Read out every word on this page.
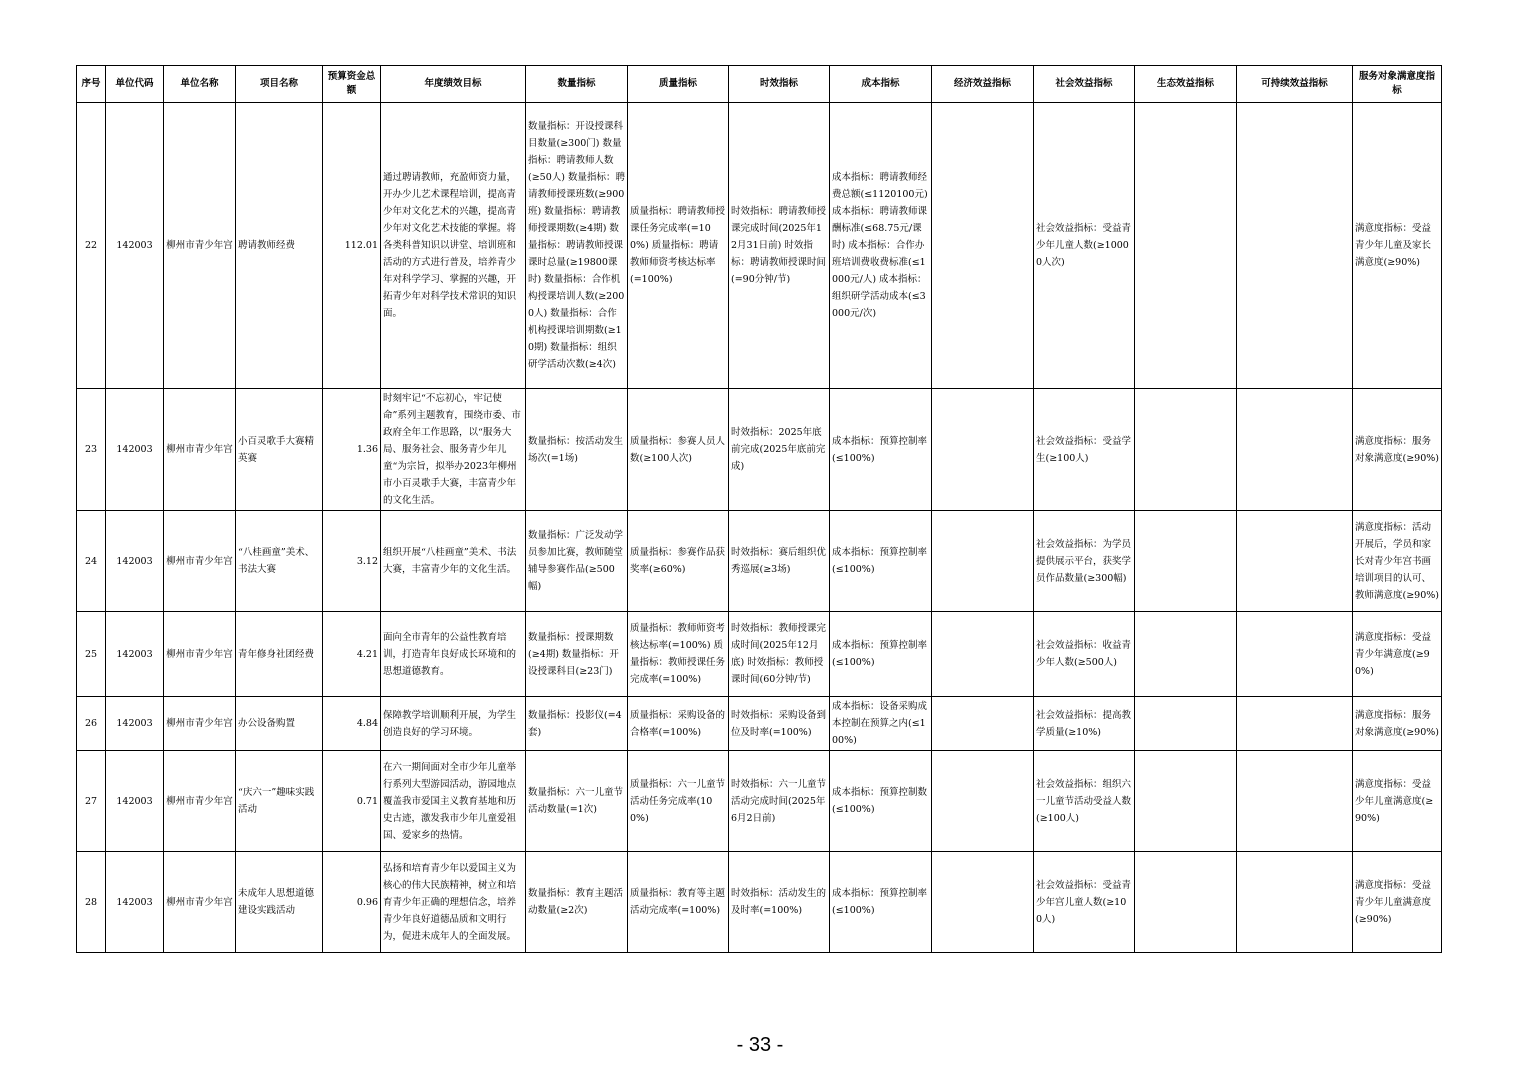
序号	单位代码	单位名称	项目名称	预算资金总额	年度绩效目标	数量指标	质量指标	时效指标	成本指标	经济效益指标	社会效益指标	生态效益指标	可持续效益指标	服务对象满意度指标
22	142003	柳州市青少年宫	聘请教师经费	112.01	通过聘请教师，充盈师资力量，开办少儿艺术课程培训，提高青少年对文化艺术的兴趣，提高青少年对文化艺术技能的掌握。将各类科普知识以讲堂、培训班和活动的方式进行普及，培养青少年对科学学习、掌握的兴趣，开拓青少年对科学技术常识的知识面。	数量指标：开设授课科目数量(≥300门) 数量指标：聘请教师人数(≥50人) 数量指标：聘请教师授课班数(≥900班) 数量指标：聘请教师授课期数(≥4期) 数量指标：聘请教师授课课时总量(≥19800课时) 数量指标：合作机构授课培训人数(≥2000人) 数量指标：合作机构授课培训期数(≥10期) 数量指标：组织研学活动次数(≥4次)	质量指标：聘请教师授课任务完成率(=100%) 质量指标：聘请教师师资考核达标率(=100%)	时效指标：聘请教师授课完成时间(2025年12月31日前) 时效指标：聘请教师授课时间(=90分钟/节)	成本指标：聘请教师经费总额(≤1120100元) 成本指标：聘请教师课酬标准(≤68.75元/课时) 成本指标：合作办班培训费收费标准(≤1000元/人) 成本指标：组织研学活动成本(≤3000元/次)		社会效益指标：受益青少年儿童人数(≥10000人次)			满意度指标：受益青少年儿童及家长满意度(≥90%)
23	142003	柳州市青少年宫	小百灵歌手大赛精英赛	1.36	时刻牢记“不忘初心，牢记使命”系列主题教育，围绕市委、市政府全年工作思路，以“服务大局、服务社会、服务青少年儿童“为宗旨，拟举办2023年柳州市小百灵歌手大赛，丰富青少年的文化生活。	数量指标：按活动发生场次(=1场)	质量指标：参赛人员人数(≥100人次)	时效指标：2025年底前完成(2025年底前完成)	成本指标：预算控制率(≤100%)		社会效益指标：受益学生(≥100人)			满意度指标：服务对象满意度(≥90%)
24	142003	柳州市青少年宫	“八桂画童”美术、书法大赛	3.12	组织开展“八桂画童”美术、书法大赛，丰富青少年的文化生活。	数量指标：广泛发动学员参加比赛，教师随堂辅导参赛作品(≥500幅)	质量指标：参赛作品获奖率(≥60%)	时效指标：赛后组织优秀巡展(≥3场)	成本指标：预算控制率(≤100%)		社会效益指标：为学员提供展示平台，获奖学员作品数量(≥300幅)			满意度指标：活动开展后，学员和家长对青少年宫书画培训项目的认可、教师满意度(≥90%)
25	142003	柳州市青少年宫	青年修身社团经费	4.21	面向全市青年的公益性教育培训，打造青年良好成长环境和的思想道德教育。	数量指标：授课期数(≥4期) 数量指标：开设授课科目(≥23门)	质量指标：教师师资考核达标率(=100%) 质量指标：教师授课任务完成率(=100%)	时效指标：教师授课完成时间(2025年12月底) 时效指标：教师授课时间(60分钟/节)	成本指标：预算控制率(≤100%)		社会效益指标：收益青少年人数(≥500人)			满意度指标：受益青少年满意度(≥90%)
26	142003	柳州市青少年宫	办公设备购置	4.84	保障教学培训顺利开展，为学生创造良好的学习环境。	数量指标：投影仪(=4套)	质量指标：采购设备的合格率(=100%)	时效指标：采购设备到位及时率(=100%)	成本指标：设备采购成本控制在预算之内(≤100%)		社会效益指标：提高教学质量(≥10%)			满意度指标：服务对象满意度(≥90%)
27	142003	柳州市青少年宫	“庆六一”趣味实践活动	0.71	在六一期间面对全市少年儿童举行系列大型游园活动，游园地点覆盖我市爱国主义教育基地和历史古迹，激发我市少年儿童爱祖国、爱家乡的热情。	数量指标：六一儿童节活动数量(=1次)	质量指标：六一儿童节活动任务完成率(100%)	时效指标：六一儿童节活动完成时间(2025年6月2日前)	成本指标：预算控制数(≤100%)		社会效益指标：组织六一儿童节活动受益人数(≥100人)			满意度指标：受益少年儿童满意度(≥90%)
28	142003	柳州市青少年宫	未成年人思想道德建设实践活动	0.96	弘扬和培育青少年以爱国主义为核心的伟大民族精神，树立和培育青少年正确的理想信念，培养青少年良好道德品质和文明行为，促进未成年人的全面发展。	数量指标：教育主题活动数量(≥2次)	质量指标：教育等主题活动完成率(=100%)	时效指标：活动发生的及时率(=100%)	成本指标：预算控制率(≤100%)		社会效益指标：受益青少年宫儿童人数(≥100人)			满意度指标：受益青少年儿童满意度(≥90%)
- 33 -
